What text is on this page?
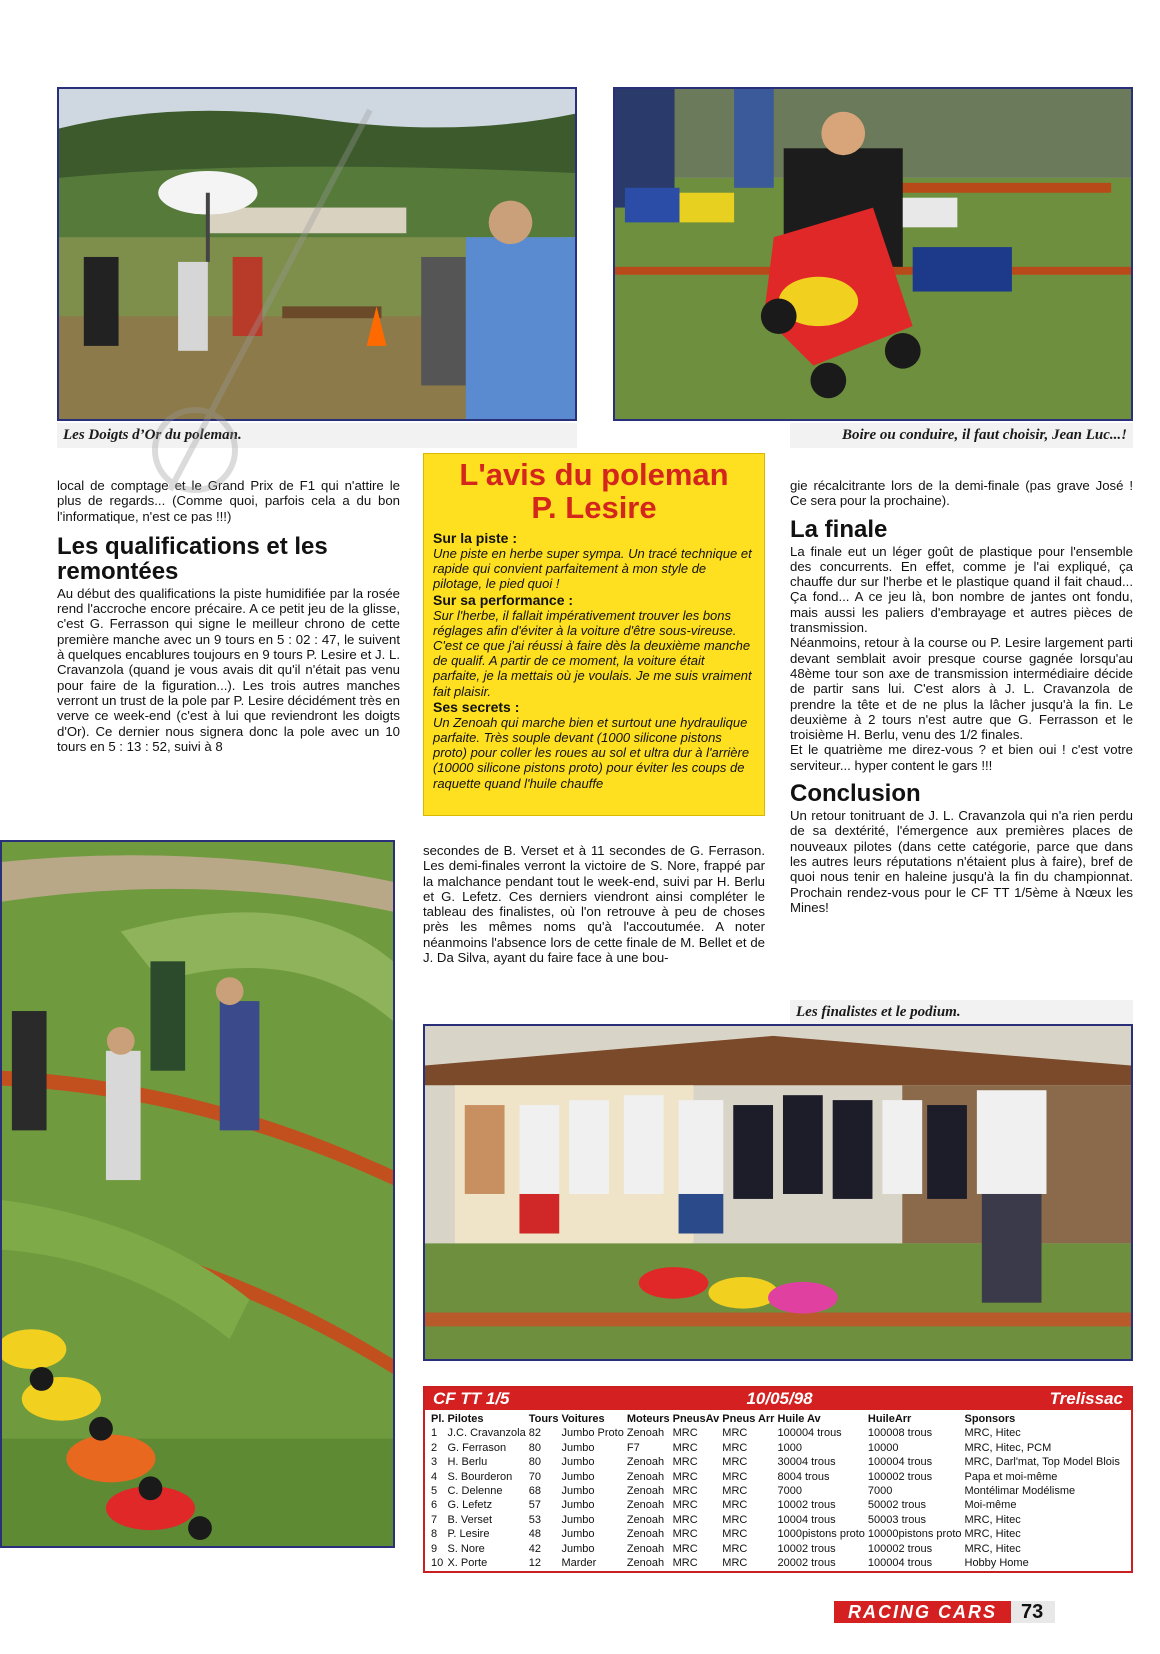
Les Doigts d’Or du poleman.	Boire ou conduire, il faut choisir, Jean Luc...!

local de comptage et le Grand Prix de F1 qui n'attire le plus de regards... (Comme quoi, parfois cela a du bon l'informatique, n'est ce pas !!!)

Les qualifications et les remontées

Au début des qualifications la piste humidifiée par la rosée rend l'accroche encore précaire. A ce petit jeu de la glisse, c'est G. Ferrasson qui signe le meilleur chrono de cette première manche avec un 9 tours en 5 : 02 : 47, le suivent à quelques encablures toujours en 9 tours P. Lesire et J. L. Cravanzola (quand je vous avais dit qu'il n'était pas venu pour faire de la figuration...). Les trois autres manches verront un trust de la pole par P. Lesire décidément très en verve ce week-end (c'est à lui que reviendront les doigts d'Or). Ce dernier nous signera donc la pole avec un 10 tours en 5 : 13 : 52, suivi à 8

L'avis du poleman
P. Lesire
Sur la piste :
Une piste en herbe super sympa. Un tracé technique et rapide qui convient parfaitement à mon style de pilotage, le pied quoi !
Sur sa performance :
Sur l'herbe, il fallait impérativement trouver les bons réglages afin d'éviter à la voiture d'être sous-vireuse. C'est ce que j'ai réussi à faire dès la deuxième manche de qualif. A partir de ce moment, la voiture était parfaite, je la mettais où je voulais. Je me suis vraiment fait plaisir.
Ses secrets :
Un Zenoah qui marche bien et surtout une hydraulique parfaite. Très souple devant (1000 silicone pistons proto) pour coller les roues au sol et ultra dur à l'arrière (10000 silicone pistons proto) pour éviter les coups de raquette quand l'huile chauffe

gie récalcitrante lors de la demi-finale (pas grave José ! Ce sera pour la prochaine).

La finale

La finale eut un léger goût de plastique pour l'ensemble des concurrents. En effet, comme je l'ai expliqué, ça chauffe dur sur l'herbe et le plastique quand il fait chaud... Ça fond... A ce jeu là, bon nombre de jantes ont fondu, mais aussi les paliers d'embrayage et autres pièces de transmission.

Néanmoins, retour à la course ou P. Lesire largement parti devant semblait avoir presque course gagnée lorsqu'au 48ème tour son axe de transmission intermédiaire décide de partir sans lui. C'est alors à J. L. Cravanzola de prendre la tête et de ne plus la lâcher jusqu'à la fin. Le deuxième à 2 tours n'est autre que G. Ferrasson et le troisième H. Berlu, venu des 1/2 finales.

Et le quatrième me direz-vous ? et bien oui ! c'est votre serviteur... hyper content le gars !!!

Conclusion

Un retour tonitruant de J. L. Cravanzola qui n'a rien perdu de sa dextérité, l'émergence aux premières places de nouveaux pilotes (dans cette catégorie, parce que dans les autres leurs réputations n'étaient plus à faire), bref de quoi nous tenir en haleine jusqu'à la fin du championnat. Prochain rendez-vous pour le CF TT 1/5ème à Nœux les Mines!

secondes de B. Verset et à 11 secondes de G. Ferrason. Les demi-finales verront la victoire de S. Nore, frappé par la malchance pendant tout le week-end, suivi par H. Berlu et G. Lefetz. Ces derniers viendront ainsi compléter le tableau des finalistes, où l'on retrouve à peu de choses près les mêmes noms qu'à l'accoutumée. A noter néanmoins l'absence lors de cette finale de M. Bellet et de J. Da Silva, ayant du faire face à une bou-

Les finalistes et le podium.
CF TT 1/5	10/05/98	Trelissac
Pl.	Pilotes	Tours	Voitures	Moteurs	PneusAv	Pneus Arr	Huile Av	HuileArr	Sponsors
1	J.C. Cravanzola	82	Jumbo Proto	Zenoah	MRC	MRC	100004 trous	100008 trous	MRC, Hitec
2	G. Ferrason	80	Jumbo	F7	MRC	MRC	1000	10000	MRC, Hitec, PCM
3	H. Berlu	80	Jumbo	Zenoah	MRC	MRC	30004 trous	100004 trous	MRC, Darl'mat, Top Model Blois
4	S. Bourderon	70	Jumbo	Zenoah	MRC	MRC	8004 trous	100002 trous	Papa et moi-même
5	C. Delenne	68	Jumbo	Zenoah	MRC	MRC	7000	7000	Montélimar Modélisme
6	G. Lefetz	57	Jumbo	Zenoah	MRC	MRC	10002 trous	50002 trous	Moi-même
7	B. Verset	53	Jumbo	Zenoah	MRC	MRC	10004 trous	50003 trous	MRC, Hitec
8	P. Lesire	48	Jumbo	Zenoah	MRC	MRC	1000pistons proto	10000pistons proto	MRC, Hitec
9	S. Nore	42	Jumbo	Zenoah	MRC	MRC	10002 trous	100002 trous	MRC, Hitec
10	X. Porte	12	Marder	Zenoah	MRC	MRC	20002 trous	100004 trous	Hobby Home
RACING CARS	73
